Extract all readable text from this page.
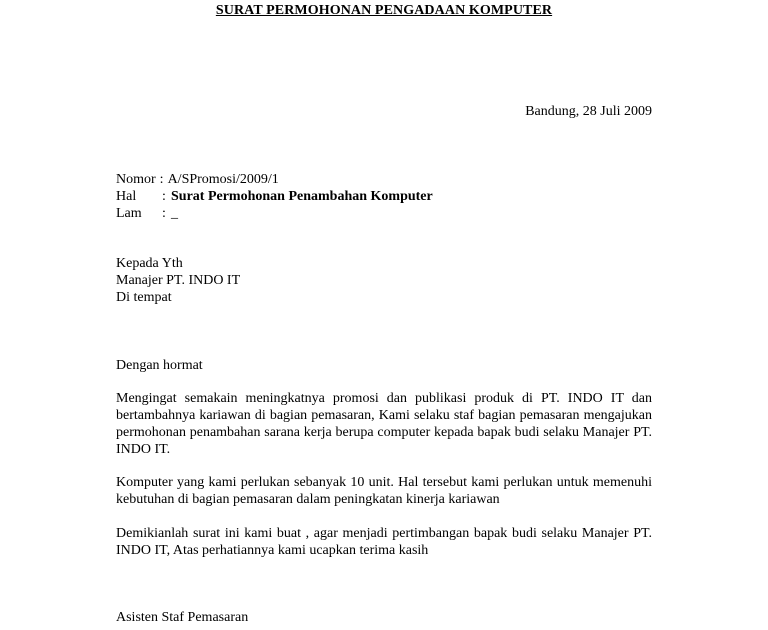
SURAT PERMOHONAN PENGADAAN KOMPUTER
Bandung, 28 Juli 2009
Nomor : A/SPromosi/2009/1
Hal	: Surat Permohonan Penambahan Komputer
Lam	: _
Kepada Yth
Manajer PT. INDO IT
Di tempat
Dengan hormat
Mengingat semakain meningkatnya promosi dan publikasi produk di PT. INDO IT dan bertambahnya kariawan di bagian pemasaran, Kami selaku staf bagian pemasaran mengajukan permohonan penambahan sarana kerja berupa computer kepada bapak budi selaku Manajer PT. INDO IT.
Komputer yang kami perlukan sebanyak 10 unit. Hal tersebut kami perlukan untuk memenuhi kebutuhan di bagian pemasaran dalam peningkatan kinerja kariawan
Demikianlah surat ini kami buat , agar menjadi pertimbangan bapak budi selaku Manajer PT. INDO IT, Atas perhatiannya kami ucapkan terima kasih
Asisten Staf Pemasaran
